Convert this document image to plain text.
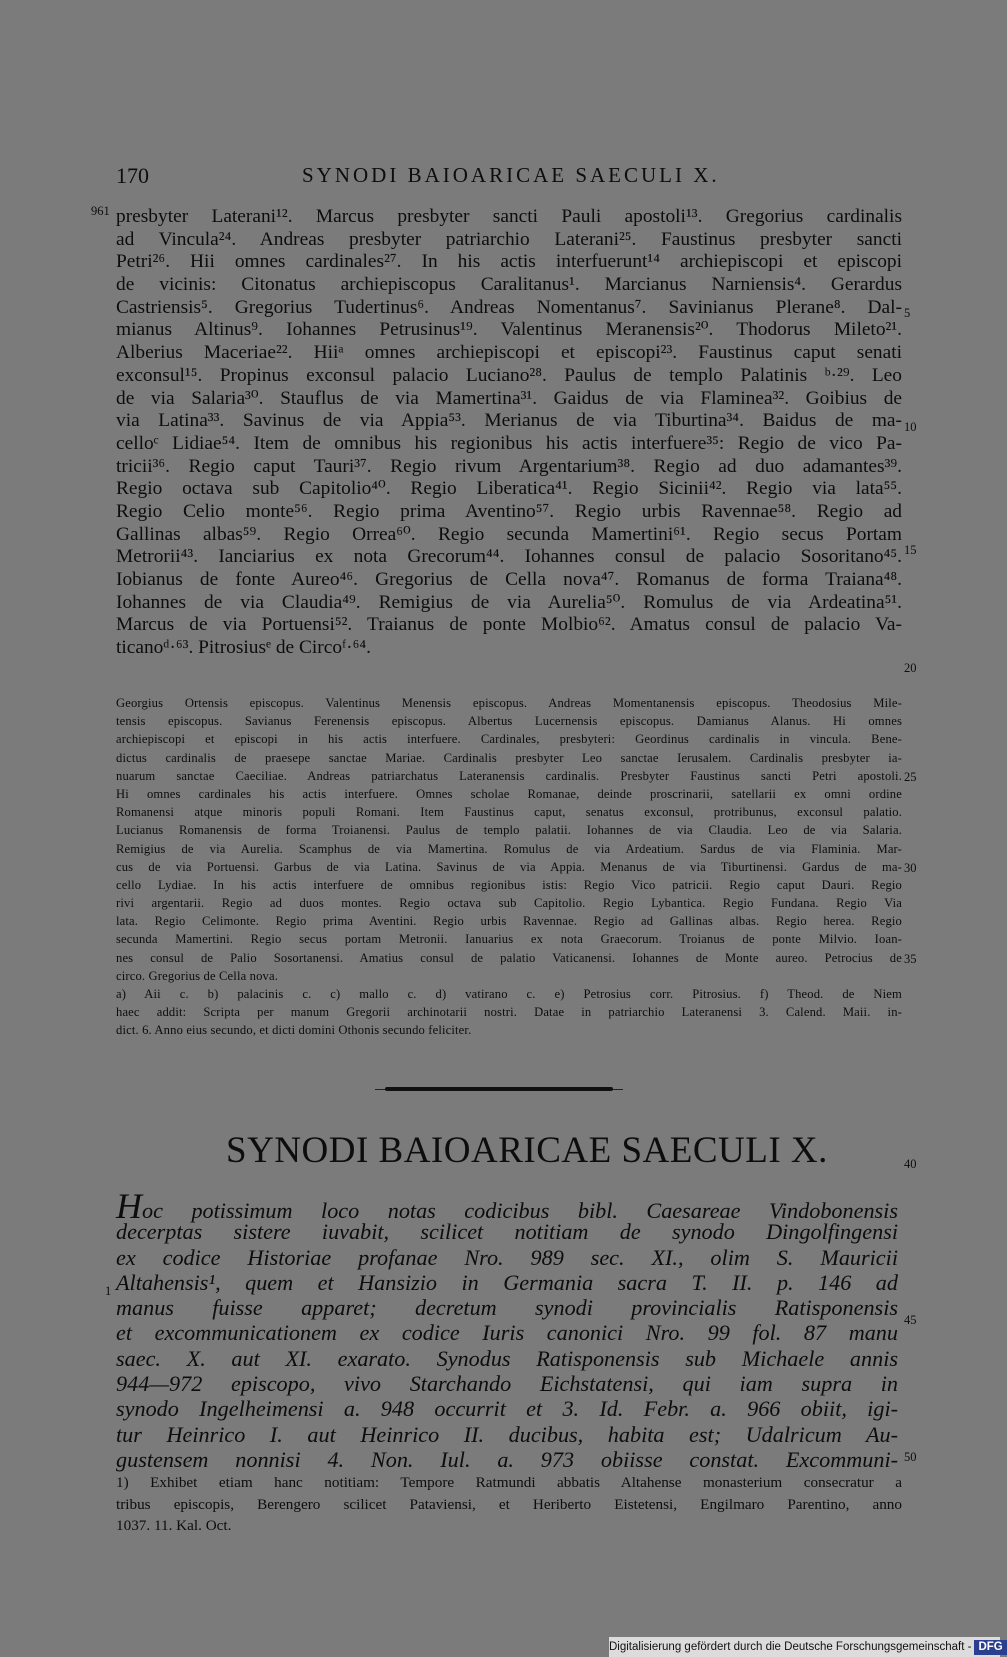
170	SYNODI BAIOARICAE SAECULI X.
961
5
10
15
20
25
30
35
40
45
50
1
presbyter Laterani¹². Marcus presbyter sancti Pauli apostoli¹³. Gregorius cardinalis
ad Vincula²⁴. Andreas presbyter patriarchio Laterani²⁵. Faustinus presbyter sancti
Petri²⁶. Hii omnes cardinales²⁷. In his actis interfuerunt¹⁴ archiepiscopi et episcopi
de vicinis: Citonatus archiepiscopus Caralitanus¹. Marcianus Narniensis⁴. Gerardus
Castriensis⁵. Gregorius Tudertinus⁶. Andreas Nomentanus⁷. Savinianus Plerane⁸. Dal-
mianus Altinus⁹. Iohannes Petrusinus¹⁹. Valentinus Meranensis²⁰. Thodorus Mileto²¹.
Alberius Maceriae²². Hiiᵃ omnes archiepiscopi et episcopi²³. Faustinus caput senati
exconsul¹⁵. Propinus exconsul palacio Luciano²⁸. Paulus de templo Palatinis ᵇ·²⁹. Leo
de via Salaria³⁰. Stauflus de via Mamertina³¹. Gaidus de via Flaminea³². Goibius de
via Latina³³. Savinus de via Appia⁵³. Merianus de via Tiburtina³⁴. Baidus de ma-
celloᶜ Lidiae⁵⁴. Item de omnibus his regionibus his actis interfuere³⁵: Regio de vico Pa-
tricii³⁶. Regio caput Tauri³⁷. Regio rivum Argentarium³⁸. Regio ad duo adamantes³⁹.
Regio octava sub Capitolio⁴⁰. Regio Liberatica⁴¹. Regio Sicinii⁴². Regio via lata⁵⁵.
Regio Celio monte⁵⁶. Regio prima Aventino⁵⁷. Regio urbis Ravennae⁵⁸. Regio ad
Gallinas albas⁵⁹. Regio Orrea⁶⁰. Regio secunda Mamertini⁶¹. Regio secus Portam
Metrorii⁴³. Ianciarius ex nota Grecorum⁴⁴. Iohannes consul de palacio Sosoritano⁴⁵.
Iobianus de fonte Aureo⁴⁶. Gregorius de Cella nova⁴⁷. Romanus de forma Traiana⁴⁸.
Iohannes de via Claudia⁴⁹. Remigius de via Aurelia⁵⁰. Romulus de via Ardeatina⁵¹.
Marcus de via Portuensi⁵². Traianus de ponte Molbio⁶². Amatus consul de palacio Va-
ticanoᵈ·⁶³. Pitrosiusᵉ de Circoᶠ·⁶⁴.
Georgius Ortensis episcopus. Valentinus Menensis episcopus. Andreas Momentanensis episcopus. Theodosius Mile-
tensis episcopus. Savianus Ferenensis episcopus. Albertus Lucernensis episcopus. Damianus Alanus. Hi omnes
archiepiscopi et episcopi in his actis interfuere. Cardinales, presbyteri: Geordinus cardinalis in vincula. Bene-
dictus cardinalis de praesepe sanctae Mariae. Cardinalis presbyter Leo sanctae Ierusalem. Cardinalis presbyter ia-
nuarum sanctae Caeciliae. Andreas patriarchatus Lateranensis cardinalis. Presbyter Faustinus sancti Petri apostoli.
Hi omnes cardinales his actis interfuere. Omnes scholae Romanae, deinde proscrinarii, satellarii ex omni ordine
Romanensi atque minoris populi Romani. Item Faustinus caput, senatus exconsul, protribunus, exconsul palatio.
Lucianus Romanensis de forma Troianensi. Paulus de templo palatii. Iohannes de via Claudia. Leo de via Salaria.
Remigius de via Aurelia. Scamphus de via Mamertina. Romulus de via Ardeatium. Sardus de via Flaminia. Mar-
cus de via Portuensi. Garbus de via Latina. Savinus de via Appia. Menanus de via Tiburtinensi. Gardus de ma-
cello Lydiae. In his actis interfuere de omnibus regionibus istis: Regio Vico patricii. Regio caput Dauri. Regio
rivi argentarii. Regio ad duos montes. Regio octava sub Capitolio. Regio Lybantica. Regio Fundana. Regio Via
lata. Regio Celimonte. Regio prima Aventini. Regio urbis Ravennae. Regio ad Gallinas albas. Regio herea. Regio
secunda Mamertini. Regio secus portam Metronii. Ianuarius ex nota Graecorum. Troianus de ponte Milvio. Ioan-
nes consul de Palio Sosortanensi. Amatius consul de palatio Vaticanensi. Iohannes de Monte aureo. Petrocius de
circo. Gregorius de Cella nova.
a) Aii c. b) palacinis c. c) mallo c. d) vatirano c. e) Petrosius corr. Pitrosius. f) Theod. de Niem
haec addit: Scripta per manum Gregorii archinotarii nostri. Datae in patriarchio Lateranensi 3. Calend. Maii. in-
dict. 6. Anno eius secundo, et dicti domini Othonis secundo feliciter.
SYNODI BAIOARICAE SAECULI X.
Hoc potissimum loco notas codicibus bibl. Caesareae Vindobonensis
decerptas sistere iuvabit, scilicet notitiam de synodo Dingolfingensi
ex codice Historiae profanae Nro. 989 sec. XI., olim S. Mauricii
Altahensis¹, quem et Hansizio in Germania sacra T. II. p. 146 ad
manus fuisse apparet; decretum synodi provincialis Ratisponensis
et excommunicationem ex codice Iuris canonici Nro. 99 fol. 87 manu
saec. X. aut XI. exarato. Synodus Ratisponensis sub Michaele annis
944—972 episcopo, vivo Starchando Eichstatensi, qui iam supra in
synodo Ingelheimensi a. 948 occurrit et 3. Id. Febr. a. 966 obiit, igi-
tur Heinrico I. aut Heinrico II. ducibus, habita est; Udalricum Au-
gustensem nonnisi 4. Non. Iul. a. 973 obiisse constat. Excommuni-
1) Exhibet etiam hanc notitiam: Tempore Ratmundi abbatis Altahense monasterium consecratur a
tribus episcopis, Berengero scilicet Pataviensi, et Heriberto Eistetensi, Engilmaro Parentino, anno
1037. 11. Kal. Oct.
Digitalisierung gefördert durch die Deutsche Forschungsgemeinschaft - DFG
